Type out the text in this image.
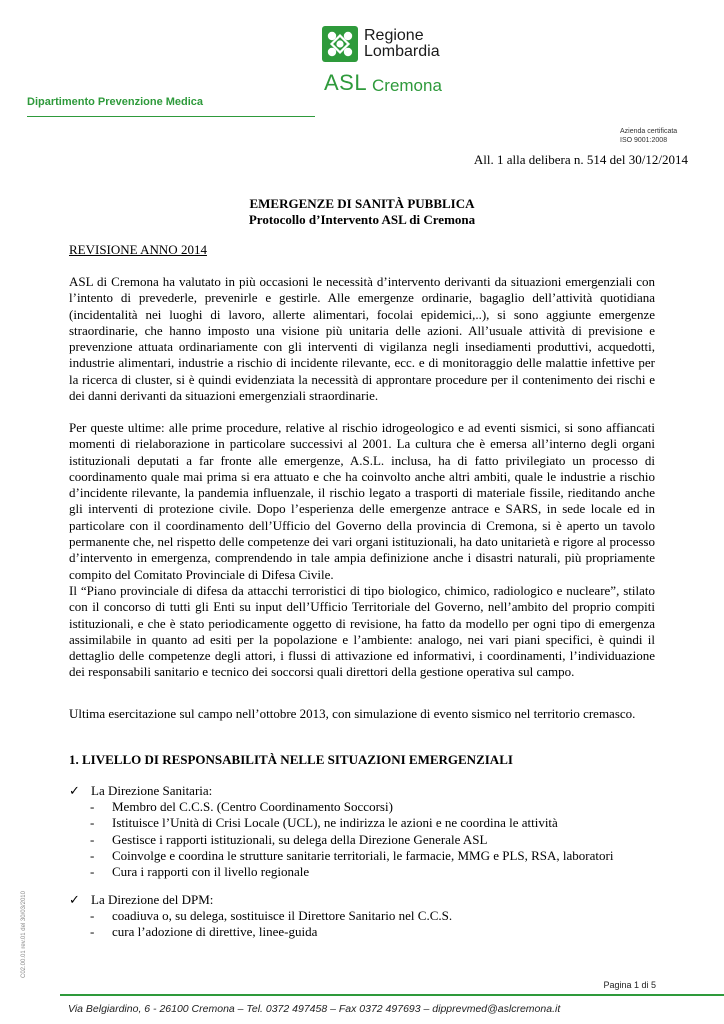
Regione
Lombardia
ASL Cremona
Dipartimento Prevenzione Medica
Azienda certificata
ISO 9001:2008
All. 1 alla delibera n. 514 del 30/12/2014
EMERGENZE DI SANITÀ PUBBLICA
Protocollo d’Intervento ASL di Cremona
REVISIONE ANNO 2014

ASL di Cremona ha valutato in più occasioni le necessità d’intervento derivanti da situazioni emergenziali con l’intento di prevederle, prevenirle e gestirle. Alle emergenze ordinarie, bagaglio dell’attività quotidiana (incidentalità nei luoghi di lavoro, allerte alimentari, focolai epidemici,..), si sono aggiunte emergenze straordinarie, che hanno imposto una visione più unitaria delle azioni. All’usuale attività di previsione e prevenzione attuata ordinariamente con gli interventi di vigilanza negli insediamenti produttivi, acquedotti, industrie alimentari, industrie a rischio di incidente rilevante, ecc. e di monitoraggio delle malattie infettive per la ricerca di cluster, si è quindi evidenziata la necessità di approntare procedure per il contenimento dei rischi e dei danni derivanti da situazioni emergenziali straordinarie.

Per queste ultime: alle prime procedure, relative al rischio idrogeologico e ad eventi sismici, si sono affiancati momenti di rielaborazione in particolare successivi al 2001. La cultura che è emersa all’interno degli organi istituzionali deputati a far fronte alle emergenze, A.S.L. inclusa, ha di fatto privilegiato un processo di coordinamento quale mai prima si era attuato e che ha coinvolto anche altri ambiti, quale le industrie a rischio d’incidente rilevante, la pandemia influenzale, il rischio legato a trasporti di materiale fissile, rieditando anche gli interventi di protezione civile. Dopo l’esperienza delle emergenze antrace e SARS, in sede locale ed in particolare con il coordinamento dell’Ufficio del Governo della provincia di Cremona, si è aperto un tavolo permanente che, nel rispetto delle competenze dei vari organi istituzionali, ha dato unitarietà e rigore al processo d’intervento in emergenza, comprendendo in tale ampia definizione anche i disastri naturali, più propriamente compito del Comitato Provinciale di Difesa Civile.

Il “Piano provinciale di difesa da attacchi terroristici di tipo biologico, chimico, radiologico e nucleare”, stilato con il concorso di tutti gli Enti su input dell’Ufficio Territoriale del Governo, nell’ambito del proprio compiti istituzionali, e che è stato periodicamente oggetto di revisione, ha fatto da modello per ogni tipo di emergenza assimilabile in quanto ad esiti per la popolazione e l’ambiente: analogo, nei vari piani specifici, è quindi il dettaglio delle competenze degli attori, i flussi di attivazione ed informativi, i coordinamenti, l’individuazione dei responsabili sanitario e tecnico dei soccorsi quali direttori della gestione operativa sul campo.

Ultima esercitazione sul campo nell’ottobre 2013, con simulazione di evento sismico nel territorio cremasco.

1. LIVELLO DI RESPONSABILITÀ NELLE SITUAZIONI EMERGENZIALI
✓ La Direzione Sanitaria:
- Membro del C.C.S. (Centro Coordinamento Soccorsi)
- Istituisce l’Unità di Crisi Locale (UCL), ne indirizza le azioni e ne coordina le attività
- Gestisce i rapporti istituzionali, su delega della Direzione Generale ASL
- Coinvolge e coordina le strutture sanitarie territoriali, le farmacie, MMG e PLS, RSA, laboratori
- Cura i rapporti con il livello regionale
✓ La Direzione del DPM:
- coadiuva o, su delega, sostituisce il Direttore Sanitario nel C.C.S.
- cura l’adozione di direttive, linee-guida
C02.00.01 rev.01 del 30/03/2010
Pagina 1 di 5
Via Belgiardino, 6 - 26100 Cremona – Tel. 0372 497458 – Fax 0372 497693 – dipprevmed@aslcremona.it
